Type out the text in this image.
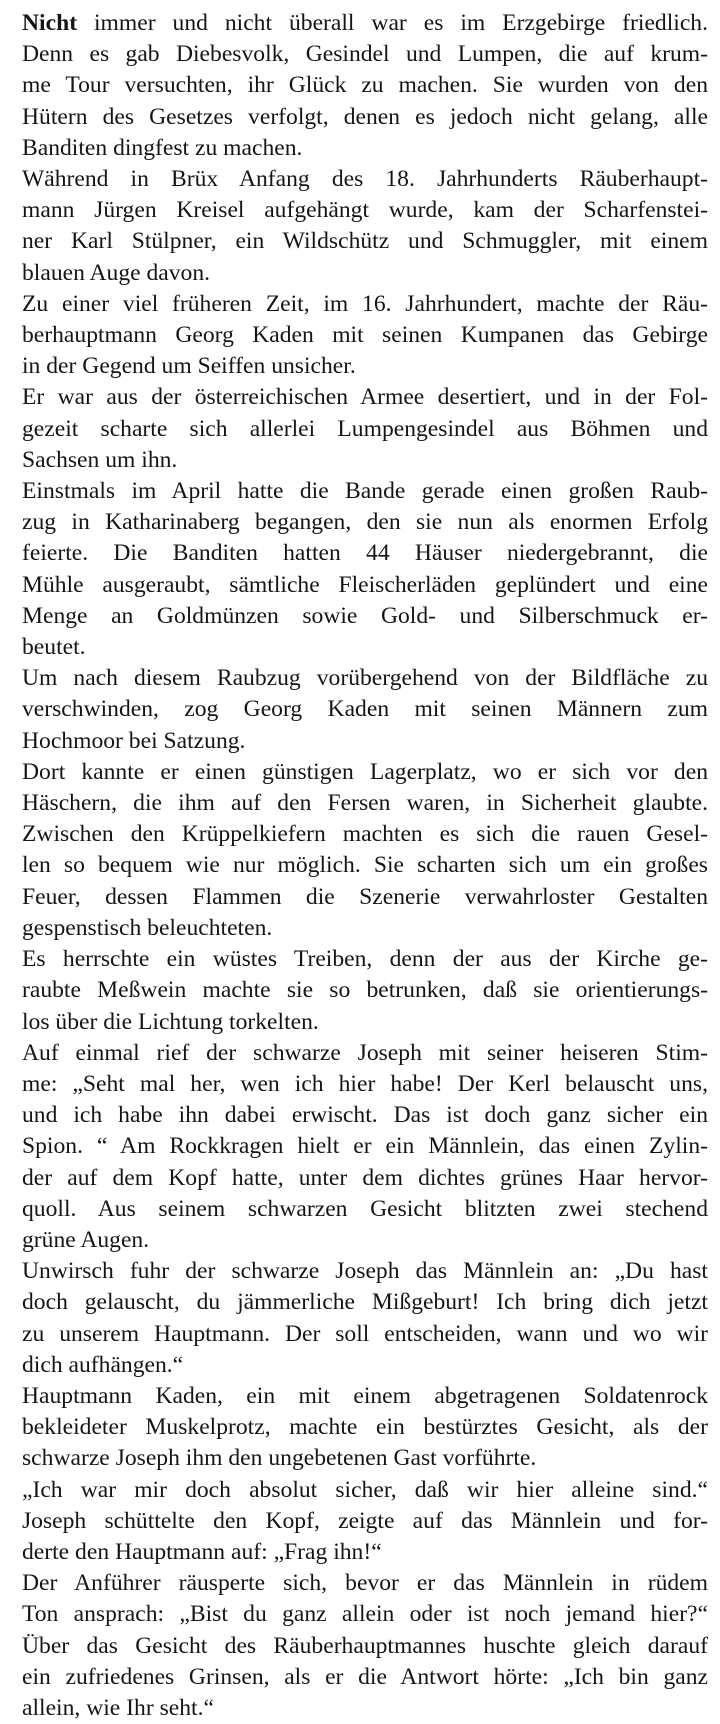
Nicht immer und nicht überall war es im Erzgebirge friedlich.
Denn es gab Diebesvolk, Gesindel und Lumpen, die auf krum-
me Tour versuchten, ihr Glück zu machen. Sie wurden von den
Hütern des Gesetzes verfolgt, denen es jedoch nicht gelang, alle
Banditen dingfest zu machen.
Während in Brüx Anfang des 18. Jahrhunderts Räuberhaupt-
mann Jürgen Kreisel aufgehängt wurde, kam der Scharfenstei-
ner Karl Stülpner, ein Wildschütz und Schmuggler, mit einem
blauen Auge davon.
Zu einer viel früheren Zeit, im 16. Jahrhundert, machte der Räu-
berhauptmann Georg Kaden mit seinen Kumpanen das Gebirge
in der Gegend um Seiffen unsicher.
Er war aus der österreichischen Armee desertiert, und in der Fol-
gezeit scharte sich allerlei Lumpengesindel aus Böhmen und
Sachsen um ihn.
Einstmals im April hatte die Bande gerade einen großen Raub-
zug in Katharinaberg begangen, den sie nun als enormen Erfolg
feierte. Die Banditen hatten 44 Häuser niedergebrannt, die
Mühle ausgeraubt, sämtliche Fleischerläden geplündert und eine
Menge an Goldmünzen sowie Gold- und Silberschmuck er-
beutet.
Um nach diesem Raubzug vorübergehend von der Bildfläche zu
verschwinden, zog Georg Kaden mit seinen Männern zum
Hochmoor bei Satzung.
Dort kannte er einen günstigen Lagerplatz, wo er sich vor den
Häschern, die ihm auf den Fersen waren, in Sicherheit glaubte.
Zwischen den Krüppelkiefern machten es sich die rauen Gesel-
len so bequem wie nur möglich. Sie scharten sich um ein großes
Feuer, dessen Flammen die Szenerie verwahrloster Gestalten
gespenstisch beleuchteten.
Es herrschte ein wüstes Treiben, denn der aus der Kirche ge-
raubte Meßwein machte sie so betrunken, daß sie orientierungs-
los über die Lichtung torkelten.
Auf einmal rief der schwarze Joseph mit seiner heiseren Stim-
me: „Seht mal her, wen ich hier habe! Der Kerl belauscht uns,
und ich habe ihn dabei erwischt. Das ist doch ganz sicher ein
Spion. “ Am Rockkragen hielt er ein Männlein, das einen Zylin-
der auf dem Kopf hatte, unter dem dichtes grünes Haar hervor-
quoll. Aus seinem schwarzen Gesicht blitzten zwei stechend
grüne Augen.
Unwirsch fuhr der schwarze Joseph das Männlein an: „Du hast
doch gelauscht, du jämmerliche Mißgeburt! Ich bring dich jetzt
zu unserem Hauptmann. Der soll entscheiden, wann und wo wir
dich aufhängen.“
Hauptmann Kaden, ein mit einem abgetragenen Soldatenrock
bekleideter Muskelprotz, machte ein bestürztes Gesicht, als der
schwarze Joseph ihm den ungebetenen Gast vorführte.
„Ich war mir doch absolut sicher, daß wir hier alleine sind.“
Joseph schüttelte den Kopf, zeigte auf das Männlein und for-
derte den Hauptmann auf: „Frag ihn!“
Der Anführer räusperte sich, bevor er das Männlein in rüdem
Ton ansprach: „Bist du ganz allein oder ist noch jemand hier?“
Über das Gesicht des Räuberhauptmannes huschte gleich darauf
ein zufriedenes Grinsen, als er die Antwort hörte: „Ich bin ganz
allein, wie Ihr seht.“
